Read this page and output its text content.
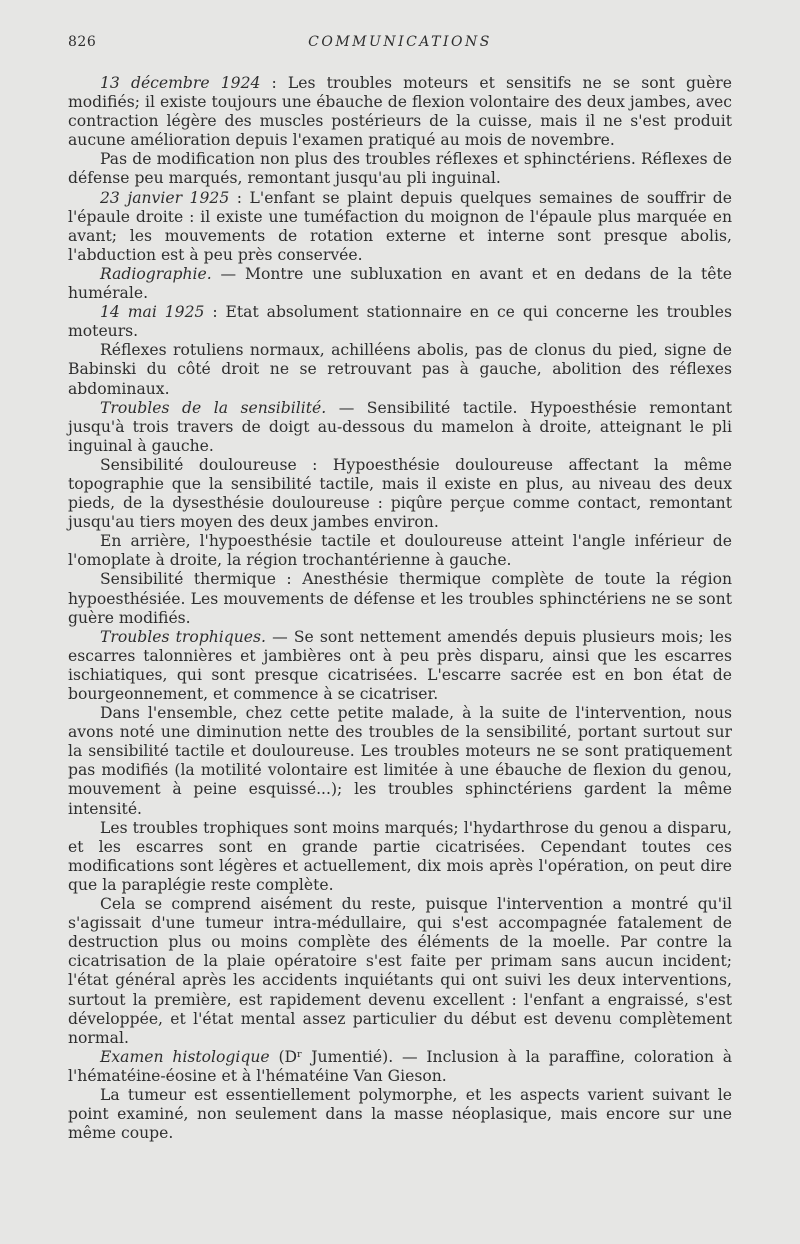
826	COMMUNICATIONS

13 décembre 1924 : Les troubles moteurs et sensitifs ne se sont guère modifiés; il existe toujours une ébauche de flexion volontaire des deux jambes, avec contraction légère des muscles postérieurs de la cuisse, mais il ne s'est produit aucune amélioration depuis l'examen pratiqué au mois de novembre.

Pas de modification non plus des troubles réflexes et sphinctériens. Réflexes de défense peu marqués, remontant jusqu'au pli inguinal.

23 janvier 1925 : L'enfant se plaint depuis quelques semaines de souffrir de l'épaule droite : il existe une tuméfaction du moignon de l'épaule plus marquée en avant; les mouvements de rotation externe et interne sont presque abolis, l'abduction est à peu près conservée.

Radiographie. — Montre une subluxation en avant et en dedans de la tête humérale.

14 mai 1925 : Etat absolument stationnaire en ce qui concerne les troubles moteurs.

Réflexes rotuliens normaux, achilléens abolis, pas de clonus du pied, signe de Babinski du côté droit ne se retrouvant pas à gauche, abolition des réflexes abdominaux.

Troubles de la sensibilité. — Sensibilité tactile. Hypoesthésie remontant jusqu'à trois travers de doigt au-dessous du mamelon à droite, atteignant le pli inguinal à gauche.

Sensibilité douloureuse : Hypoesthésie douloureuse affectant la même topographie que la sensibilité tactile, mais il existe en plus, au niveau des deux pieds, de la dysesthésie douloureuse : piqûre perçue comme contact, remontant jusqu'au tiers moyen des deux jambes environ.

En arrière, l'hypoesthésie tactile et douloureuse atteint l'angle inférieur de l'omoplate à droite, la région trochantérienne à gauche.

Sensibilité thermique : Anesthésie thermique complète de toute la région hypoesthésiée. Les mouvements de défense et les troubles sphinctériens ne se sont guère modifiés.

Troubles trophiques. — Se sont nettement amendés depuis plusieurs mois; les escarres talonnières et jambières ont à peu près disparu, ainsi que les escarres ischiatiques, qui sont presque cicatrisées. L'escarre sacrée est en bon état de bourgeonnement, et commence à se cicatriser.

Dans l'ensemble, chez cette petite malade, à la suite de l'intervention, nous avons noté une diminution nette des troubles de la sensibilité, portant surtout sur la sensibilité tactile et douloureuse. Les troubles moteurs ne se sont pratiquement pas modifiés (la motilité volontaire est limitée à une ébauche de flexion du genou, mouvement à peine esquissé...); les troubles sphinctériens gardent la même intensité.

Les troubles trophiques sont moins marqués; l'hydarthrose du genou a disparu, et les escarres sont en grande partie cicatrisées. Cependant toutes ces modifications sont légères et actuellement, dix mois après l'opération, on peut dire que la paraplégie reste complète.

Cela se comprend aisément du reste, puisque l'intervention a montré qu'il s'agissait d'une tumeur intra-médullaire, qui s'est accompagnée fatalement de destruction plus ou moins complète des éléments de la moelle. Par contre la cicatrisation de la plaie opératoire s'est faite per primam sans aucun incident; l'état général après les accidents inquiétants qui ont suivi les deux interventions, surtout la première, est rapidement devenu excellent : l'enfant a engraissé, s'est développée, et l'état mental assez particulier du début est devenu complètement normal.

Examen histologique (Dʳ Jumentié). — Inclusion à la paraffine, coloration à l'hématéine-éosine et à l'hématéine Van Gieson.

La tumeur est essentiellement polymorphe, et les aspects varient suivant le point examiné, non seulement dans la masse néoplasique, mais encore sur une même coupe.
